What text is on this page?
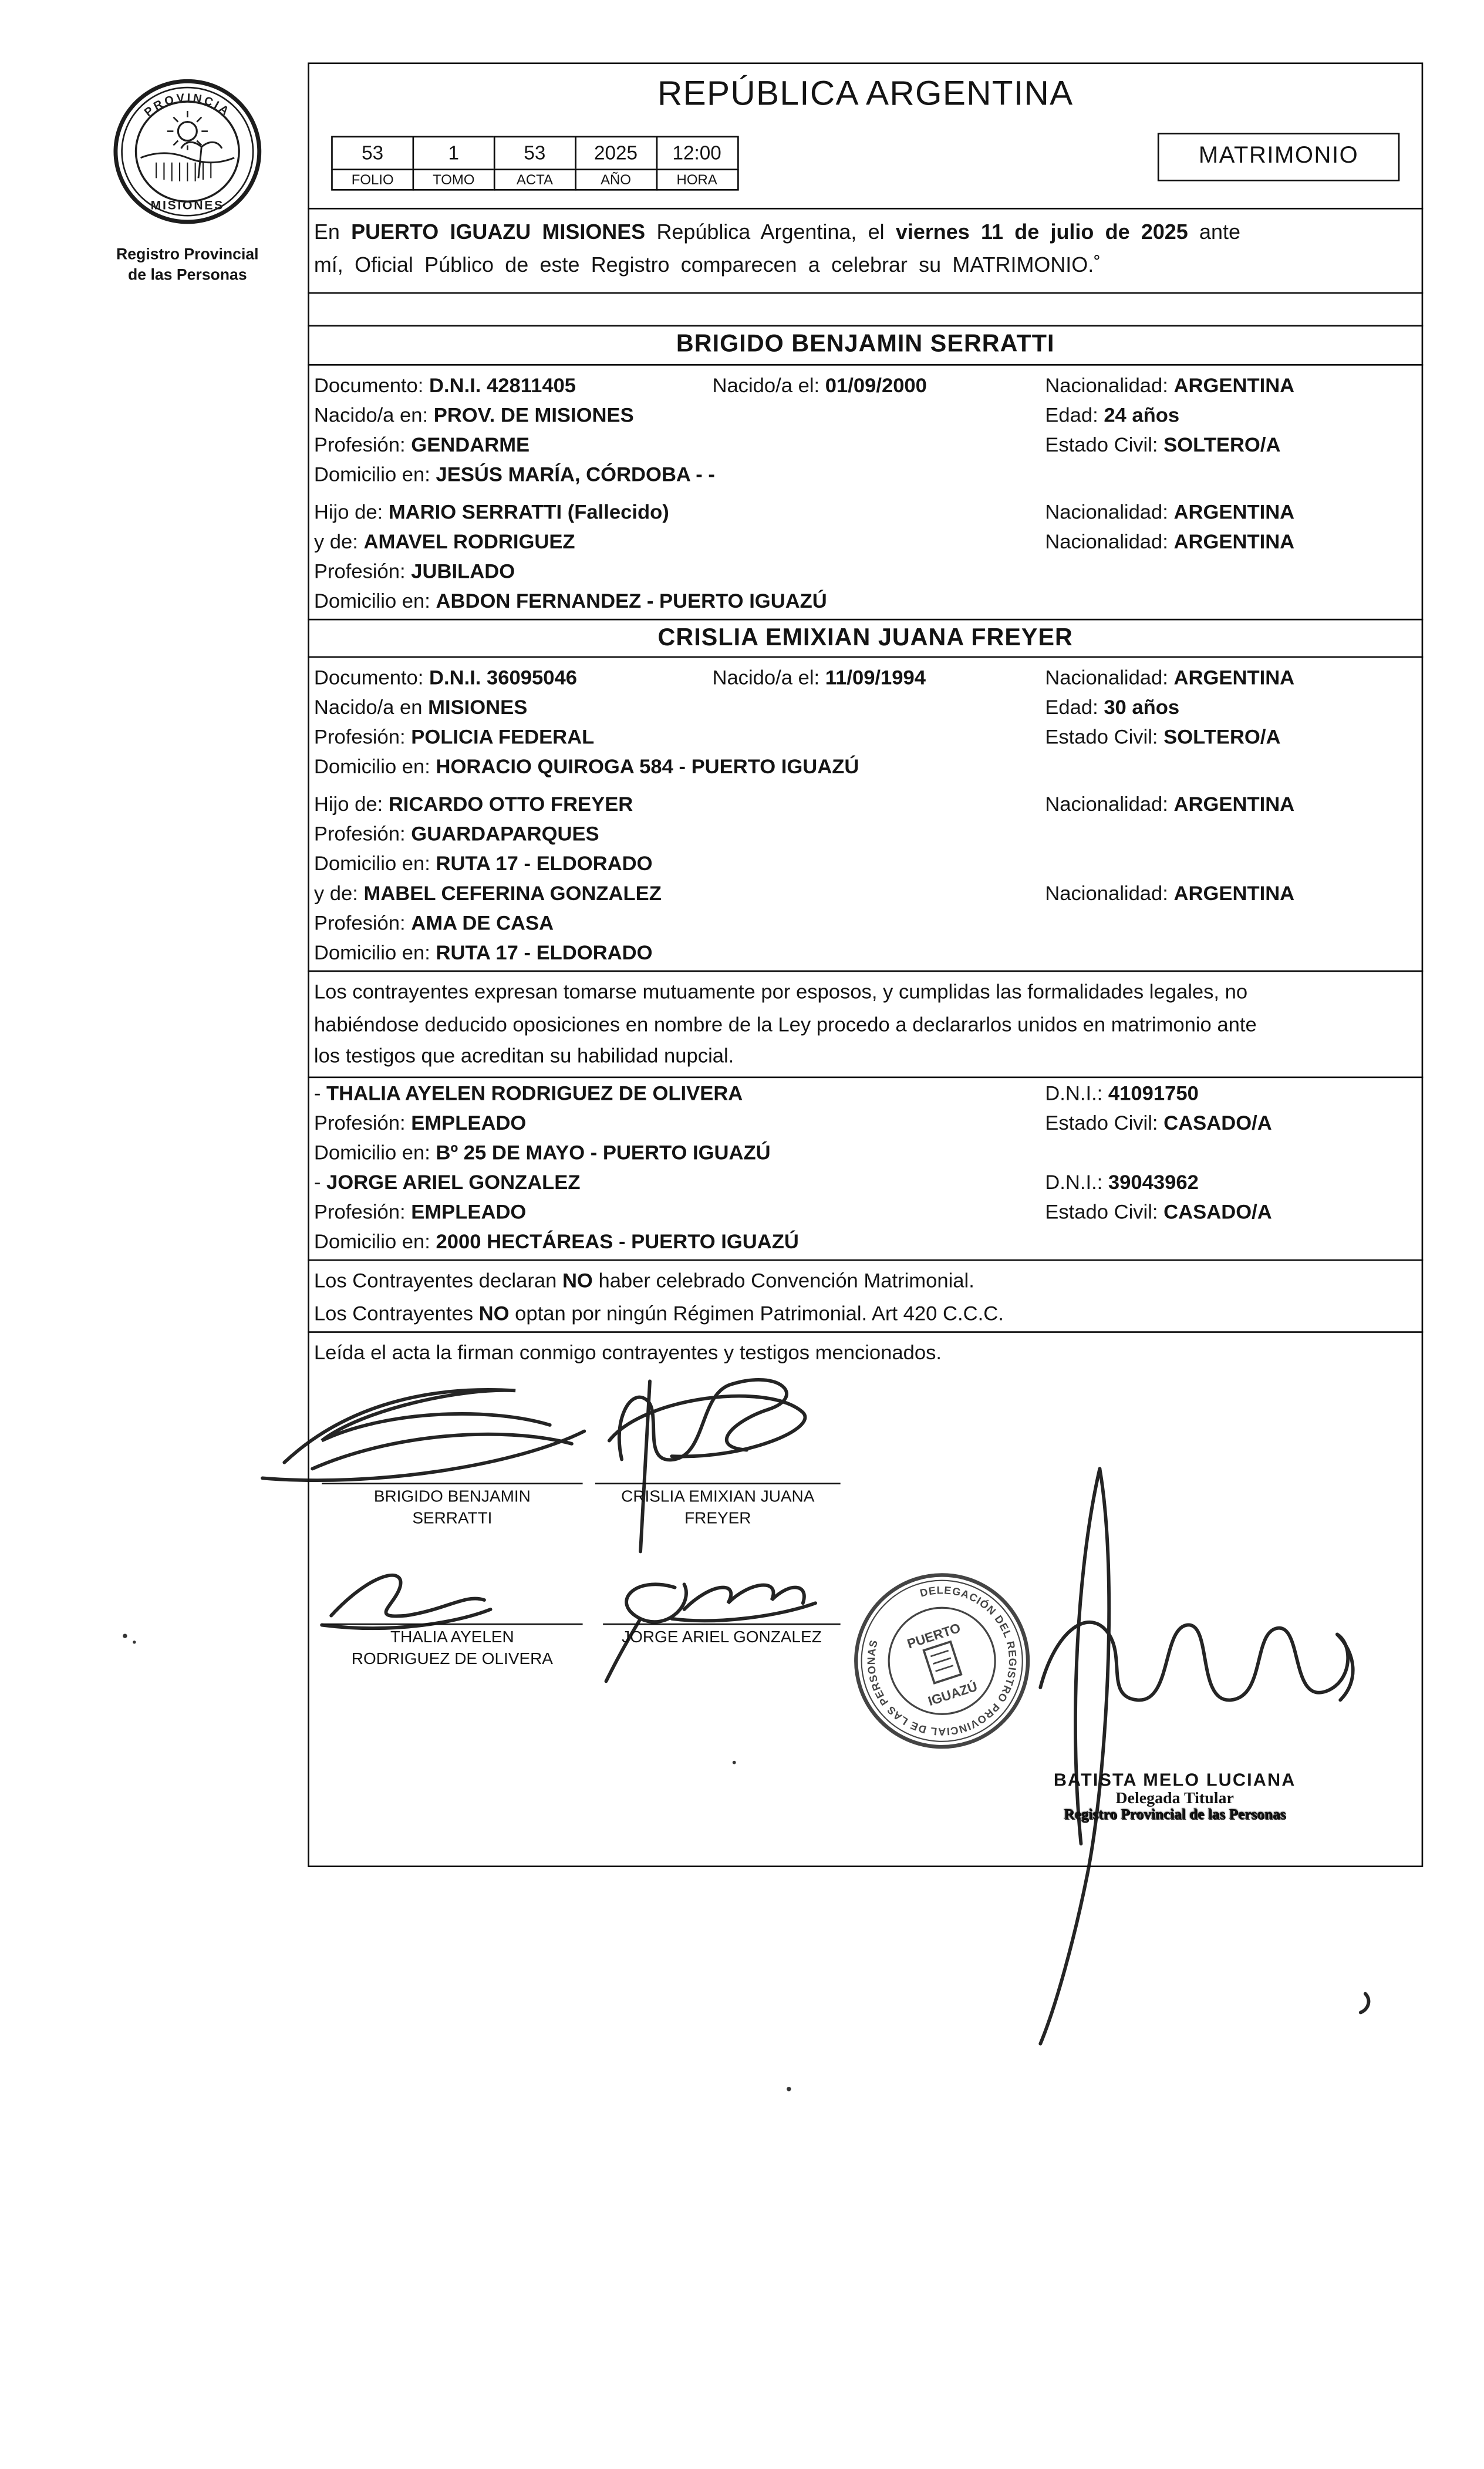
PROVINCIA
MISIONES
Registro Provincial
de las Personas
REPÚBLICA ARGENTINA
53	1	53	2025	12:00
FOLIO	TOMO	ACTA	AÑO	HORA
MATRIMONIO
En PUERTO IGUAZU MISIONES República Argentina, el viernes 11 de julio de 2025 ante
mí, Oficial Público de este Registro comparecen a celebrar su MATRIMONIO.˚
BRIGIDO BENJAMIN SERRATTI
Documento: D.N.I. 42811405	Nacido/a el: 01/09/2000	Nacionalidad: ARGENTINA
Nacido/a en: PROV. DE MISIONES	Edad: 24 años
Profesión: GENDARME	Estado Civil: SOLTERO/A
Domicilio en: JESÚS MARÍA, CÓRDOBA - -
Hijo de: MARIO SERRATTI (Fallecido)	Nacionalidad: ARGENTINA
y de: AMAVEL RODRIGUEZ	Nacionalidad: ARGENTINA
Profesión: JUBILADO
Domicilio en: ABDON FERNANDEZ - PUERTO IGUAZÚ
CRISLIA EMIXIAN JUANA FREYER
Documento: D.N.I. 36095046	Nacido/a el: 11/09/1994	Nacionalidad: ARGENTINA
Nacido/a en MISIONES	Edad: 30 años
Profesión: POLICIA FEDERAL	Estado Civil: SOLTERO/A
Domicilio en: HORACIO QUIROGA 584 - PUERTO IGUAZÚ
Hijo de: RICARDO OTTO FREYER	Nacionalidad: ARGENTINA
Profesión: GUARDAPARQUES
Domicilio en: RUTA 17 - ELDORADO
y de: MABEL CEFERINA GONZALEZ	Nacionalidad: ARGENTINA
Profesión: AMA DE CASA
Domicilio en: RUTA 17 - ELDORADO
Los contrayentes expresan tomarse mutuamente por esposos, y cumplidas las formalidades legales, no
habiéndose deducido oposiciones en nombre de la Ley procedo a declararlos unidos en matrimonio ante
los testigos que acreditan su habilidad nupcial.
- THALIA AYELEN RODRIGUEZ DE OLIVERA	D.N.I.: 41091750
Profesión: EMPLEADO	Estado Civil: CASADO/A
Domicilio en: Bº 25 DE MAYO - PUERTO IGUAZÚ
- JORGE ARIEL GONZALEZ	D.N.I.: 39043962
Profesión: EMPLEADO	Estado Civil: CASADO/A
Domicilio en: 2000 HECTÁREAS - PUERTO IGUAZÚ
Los Contrayentes declaran NO haber celebrado Convención Matrimonial.
Los Contrayentes NO optan por ningún Régimen Patrimonial. Art 420 C.C.C.
Leída el acta la firman conmigo contrayentes y testigos mencionados.
BRIGIDO BENJAMIN
SERRATTI
CRISLIA EMIXIAN JUANA
FREYER
THALIA AYELEN
RODRIGUEZ DE OLIVERA
JORGE ARIEL GONZALEZ
DELEGACIÓN DEL REGISTRO PROVINCIAL DE LAS PERSONAS	PUERTO
IGUAZÚ
BATISTA MELO LUCIANA
Delegada Titular
Registro Provincial de las Personas
